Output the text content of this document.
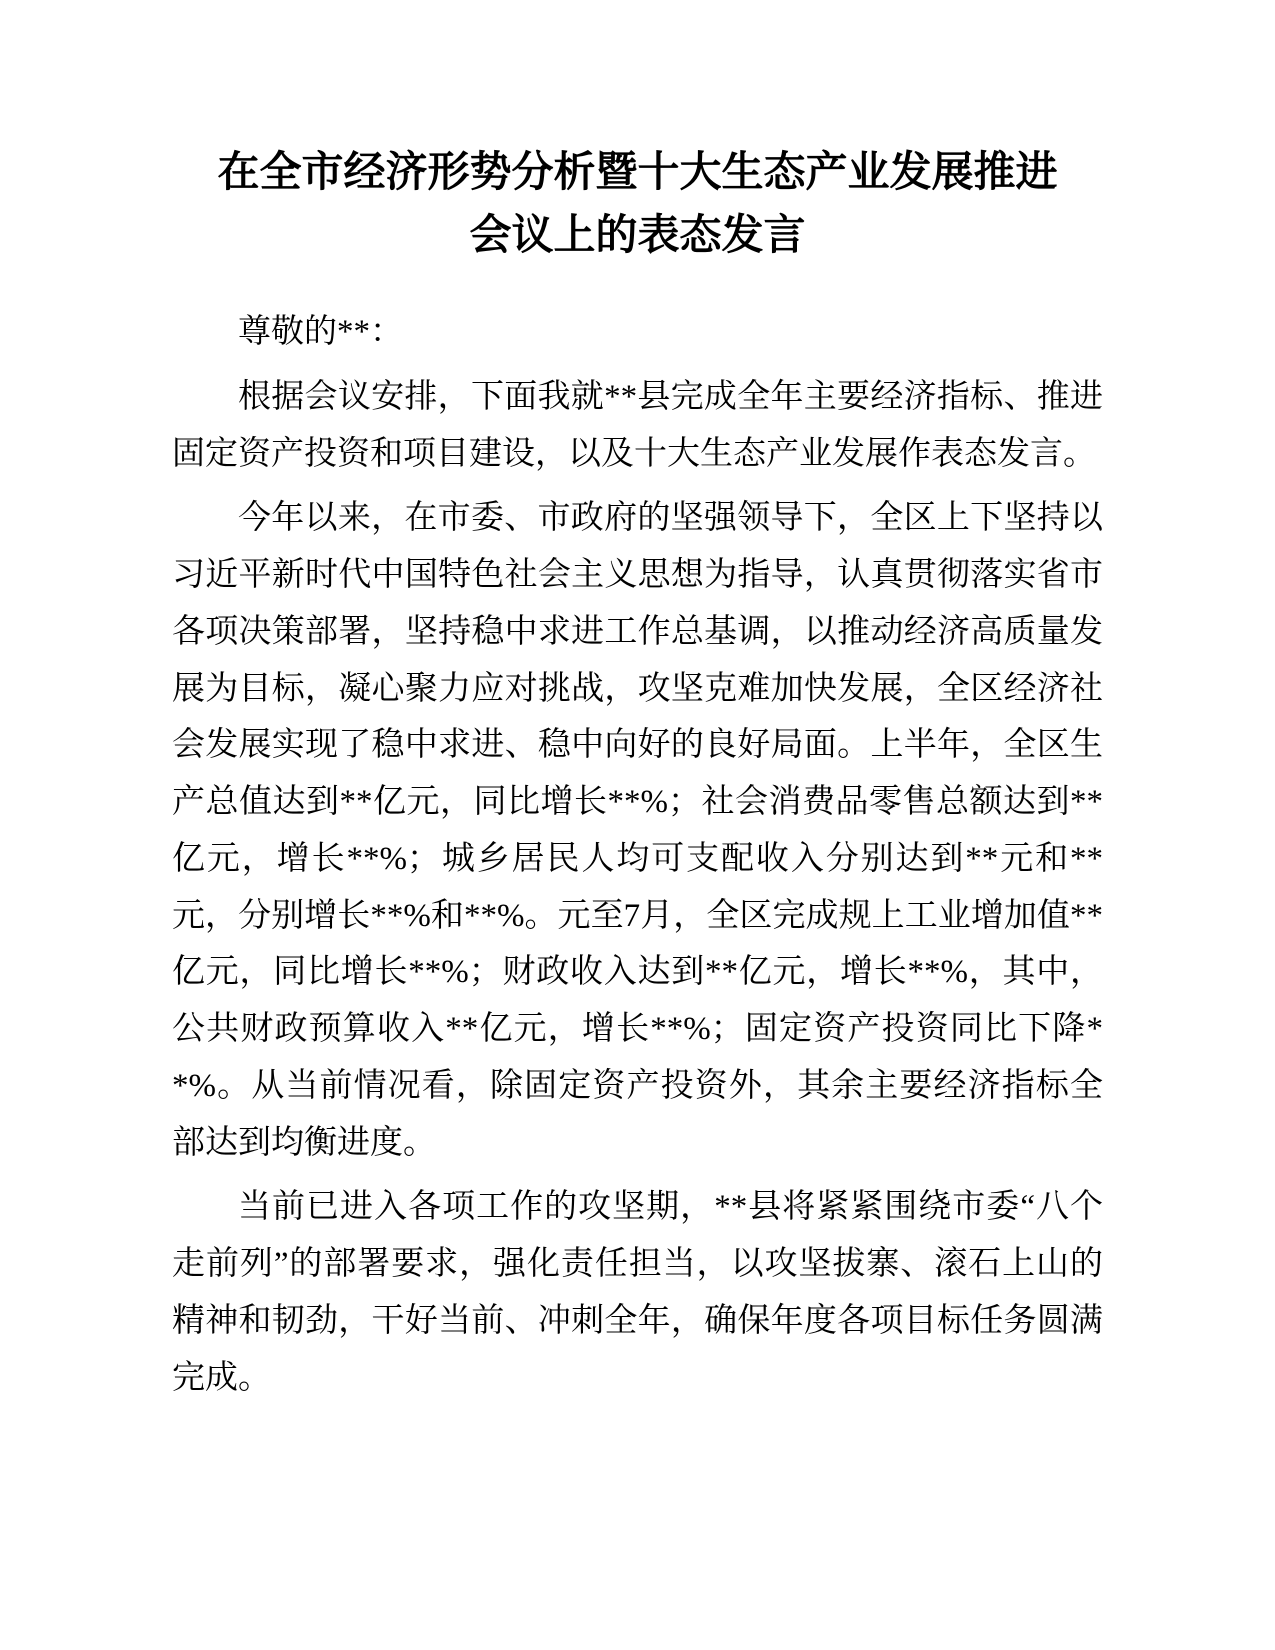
在全市经济形势分析暨十大生态产业发展推进
会议上的表态发言

尊敬的**：

根据会议安排，下面我就**县完成全年主要经济指标、推进固定资产投资和项目建设，以及十大生态产业发展作表态发言。

今年以来，在市委、市政府的坚强领导下，全区上下坚持以习近平新时代中国特色社会主义思想为指导，认真贯彻落实省市各项决策部署，坚持稳中求进工作总基调，以推动经济高质量发展为目标，凝心聚力应对挑战，攻坚克难加快发展，全区经济社会发展实现了稳中求进、稳中向好的良好局面。上半年，全区生产总值达到**亿元，同比增长**%；社会消费品零售总额达到**亿元，增长**%；城乡居民人均可支配收入分别达到**元和**元，分别增长**%和**%。元至7月，全区完成规上工业增加值**亿元，同比增长**%；财政收入达到**亿元，增长**%，其中，公共财政预算收入**亿元，增长**%；固定资产投资同比下降**%。从当前情况看，除固定资产投资外，其余主要经济指标全部达到均衡进度。

当前已进入各项工作的攻坚期，**县将紧紧围绕市委“八个走前列”的部署要求，强化责任担当，以攻坚拔寨、滚石上山的精神和韧劲，干好当前、冲刺全年，确保年度各项目标任务圆满完成。
